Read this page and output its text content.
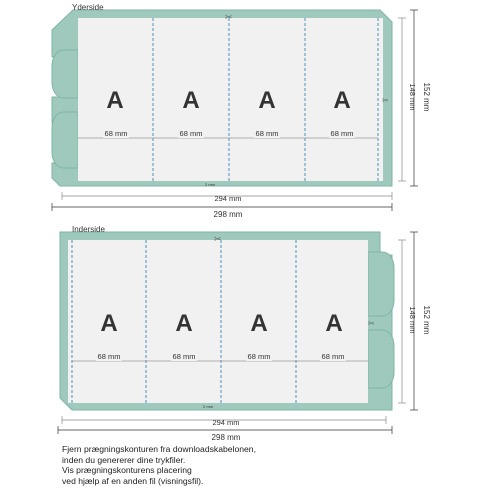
✂
✂
A A A A
68 mm	68 mm	68 mm	68 mm
2 mm
Yderside
294 mm
298 mm
148 mm 152 mm
✂
✂
A A A A
68 mm	68 mm	68 mm	68 mm
2 mm
Inderside
294 mm
298 mm
148 mm 152 mm
Fjern prægningskonturen fra downloadskabelonen,
inden du genererer dine trykfiler.
Vis prægningskonturens placering
ved hjælp af en anden fil (visningsfil).
